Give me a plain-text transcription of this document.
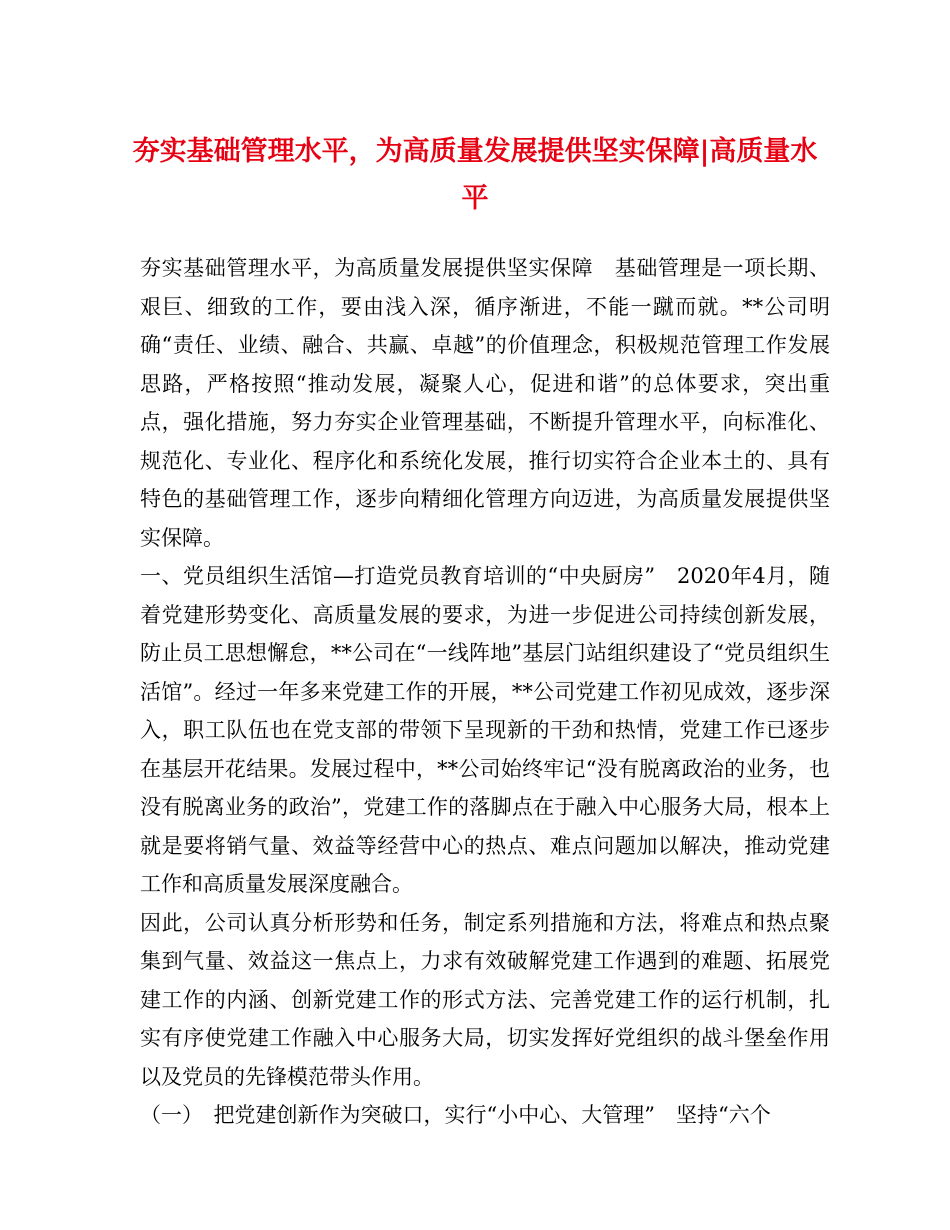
夯实基础管理水平，为高质量发展提供坚实保障|高质量水平

夯实基础管理水平，为高质量发展提供坚实保障　基础管理是一项长期、艰巨、细致的工作，要由浅入深，循序渐进，不能一蹴而就。**公司明确“责任、业绩、融合、共赢、卓越”的价值理念，积极规范管理工作发展思路，严格按照“推动发展，凝聚人心，促进和谐”的总体要求，突出重点，强化措施，努力夯实企业管理基础，不断提升管理水平，向标准化、规范化、专业化、程序化和系统化发展，推行切实符合企业本土的、具有特色的基础管理工作，逐步向精细化管理方向迈进，为高质量发展提供坚实保障。

一、党员组织生活馆—打造党员教育培训的“中央厨房”　2020年4月，随着党建形势变化、高质量发展的要求，为进一步促进公司持续创新发展，防止员工思想懈怠，**公司在“一线阵地”基层门站组织建设了“党员组织生活馆”。经过一年多来党建工作的开展，**公司党建工作初见成效，逐步深入，职工队伍也在党支部的带领下呈现新的干劲和热情，党建工作已逐步在基层开花结果。发展过程中，**公司始终牢记“没有脱离政治的业务，也没有脱离业务的政治”，党建工作的落脚点在于融入中心服务大局，根本上就是要将销气量、效益等经营中心的热点、难点问题加以解决，推动党建工作和高质量发展深度融合。

因此，公司认真分析形势和任务，制定系列措施和方法，将难点和热点聚集到气量、效益这一焦点上，力求有效破解党建工作遇到的难题、拓展党建工作的内涵、创新党建工作的形式方法、完善党建工作的运行机制，扎实有序使党建工作融入中心服务大局，切实发挥好党组织的战斗堡垒作用以及党员的先锋模范带头作用。

（一）　把党建创新作为突破口，实行“小中心、大管理”　坚持“六个
